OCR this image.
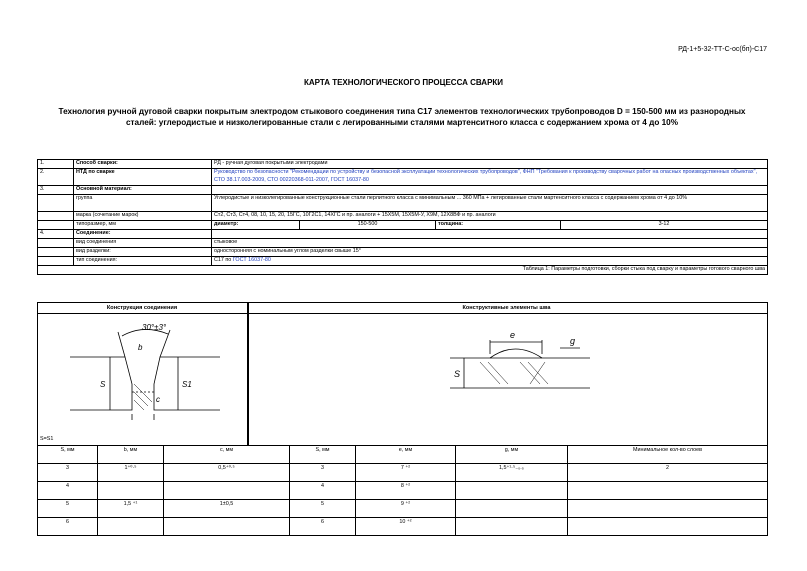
РД-1+5-32-ТТ-С-ос(бп)-С17
КАРТА ТЕХНОЛОГИЧЕСКОГО ПРОЦЕССА СВАРКИ
Технология ручной дуговой сварки покрытым электродом стыкового соединения типа С17 элементов технологических трубопроводов D = 150-500 мм из разнородных сталей: углеродистые и низколегированные стали с легированными сталями мартенситного класса с содержанием хрома от 4 до 10%
1.	Способ сварки:	РД - ручная дуговая покрытыми электродами			
2.	НТД по сварке	Руководство по безопасности "Рекомендации по устройству и безопасной эксплуатации технологических трубопроводов", ФНП "Требования к производству сварочных работ на опасных производственных объектах", СТО 38.17.003-2009, СТО 00220368-011-2007, ГОСТ 16037-80			
3.	Основной материал:				
	группа	Углеродистые и низколегированные конструкционные стали перлитного класса с минимальным ... 360 МПа + легированные стали мартенситного класса с содержанием хрома от 4 до 10%			
	марка (сочетание марок)	Ст2, Ст3, Ст4, 08, 10, 15, 20, 15ГС, 10Г2С1, 14ХГС и пр. аналоги + 15Х5М, 15Х5М-У, Х9М, 12Х8ВФ и пр. аналоги			
	типоразмер, мм	диаметр:	150-500	толщина:	3-12
4.	Соединение:				
	вид соединения	стыковое			
	вид разделки:	односторонняя с номинальным углом разделки свыше 15°			
	тип соединения:	С17 по ГОСТ 16037-80			
Таблица 1: Параметры подготовки, сборки стыка под сварку и параметры готового сварного шва					
Конструкция соединения	Конструктивные элементы шва
30°±3°
b
S	S1
c
e
g
S
S=S1
S, мм	b, мм	c, мм	S, мм	e, мм	g, мм	Минимальное кол-во слоев
3	1⁺⁰·⁵	0,5⁺⁰·⁵	3	7 ⁺²	1,5⁺¹·⁵₋₀.₅	2
4			4	8 ⁺²		
5	1,5 ⁺¹	1±0,5	5	9 ⁺²		
6			6	10 ⁺²		
